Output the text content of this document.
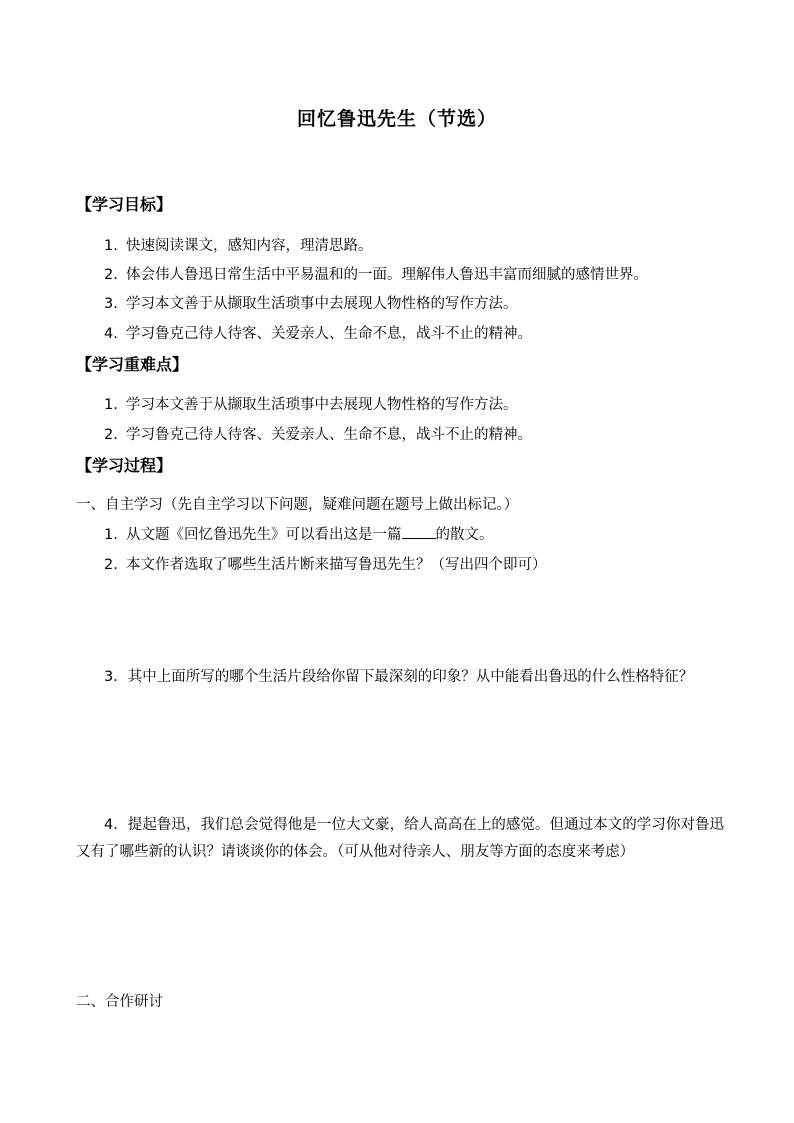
回忆鲁迅先生（节选）
【学习目标】
1. 快速阅读课文，感知内容，理清思路。
2. 体会伟人鲁迅日常生活中平易温和的一面。理解伟人鲁迅丰富而细腻的感情世界。
3. 学习本文善于从撷取生活琐事中去展现人物性格的写作方法。
4. 学习鲁克己待人待客、关爱亲人、生命不息，战斗不止的精神。
【学习重难点】
1. 学习本文善于从撷取生活琐事中去展现人物性格的写作方法。
2. 学习鲁克己待人待客、关爱亲人、生命不息，战斗不止的精神。
【学习过程】
一、自主学习（先自主学习以下问题，疑难问题在题号上做出标记。）
1. 从文题《回忆鲁迅先生》可以看出这是一篇 的散文。
2. 本文作者选取了哪些生活片断来描写鲁迅先生？（写出四个即可）
3．其中上面所写的哪个生活片段给你留下最深刻的印象？从中能看出鲁迅的什么性格特征？
4．提起鲁迅，我们总会觉得他是一位大文豪，给人高高在上的感觉。但通过本文的学习你对鲁迅又有了哪些新的认识？请谈谈你的体会。（可从他对待亲人、朋友等方面的态度来考虑）
二、合作研讨
